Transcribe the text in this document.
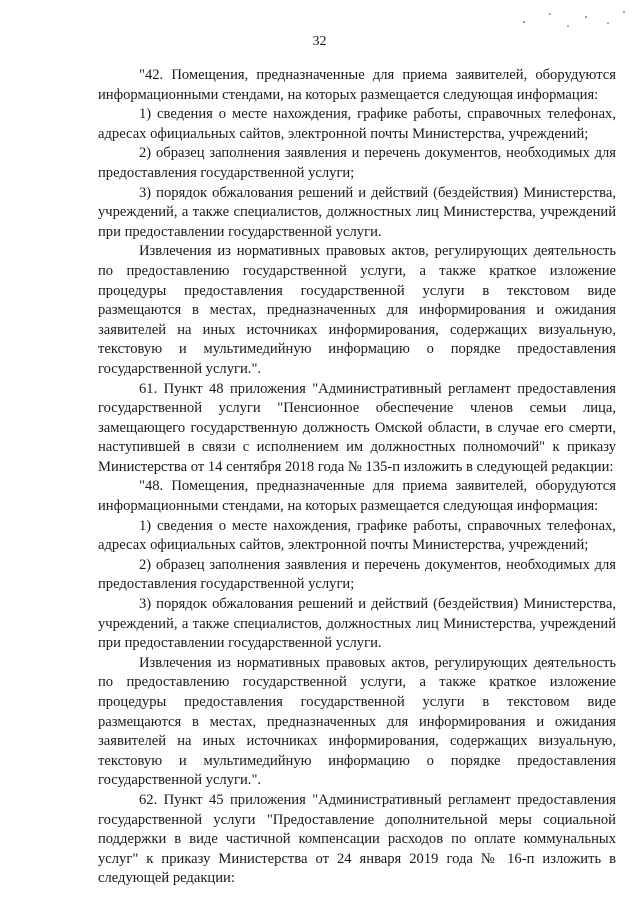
32

"42. Помещения, предназначенные для приема заявителей, оборудуются информационными стендами, на которых размещается следующая информация:

1) сведения о месте нахождения, графике работы, справочных телефонах, адресах официальных сайтов, электронной почты Министерства, учреждений;

2) образец заполнения заявления и перечень документов, необходимых для предоставления государственной услуги;

3) порядок обжалования решений и действий (бездействия) Министерства, учреждений, а также специалистов, должностных лиц Министерства, учреждений при предоставлении государственной услуги.

Извлечения из нормативных правовых актов, регулирующих деятельность по предоставлению государственной услуги, а также краткое изложение процедуры предоставления государственной услуги в текстовом виде размещаются в местах, предназначенных для информирования и ожидания заявителей на иных источниках информирования, содержащих визуальную, текстовую и мультимедийную информацию о порядке предоставления государственной услуги.".

61. Пункт 48 приложения "Административный регламент предоставления государственной услуги "Пенсионное обеспечение членов семьи лица, замещающего государственную должность Омской области, в случае его смерти, наступившей в связи с исполнением им должностных полномочий" к приказу Министерства от 14 сентября 2018 года № 135-п изложить в следующей редакции:

"48. Помещения, предназначенные для приема заявителей, оборудуются информационными стендами, на которых размещается следующая информация:

1) сведения о месте нахождения, графике работы, справочных телефонах, адресах официальных сайтов, электронной почты Министерства, учреждений;

2) образец заполнения заявления и перечень документов, необходимых для предоставления государственной услуги;

3) порядок обжалования решений и действий (бездействия) Министерства, учреждений, а также специалистов, должностных лиц Министерства, учреждений при предоставлении государственной услуги.

Извлечения из нормативных правовых актов, регулирующих деятельность по предоставлению государственной услуги, а также краткое изложение процедуры предоставления государственной услуги в текстовом виде размещаются в местах, предназначенных для информирования и ожидания заявителей на иных источниках информирования, содержащих визуальную, текстовую и мультимедийную информацию о порядке предоставления государственной услуги.".

62. Пункт 45 приложения "Административный регламент предоставления государственной услуги "Предоставление дополнительной меры социальной поддержки в виде частичной компенсации расходов по оплате коммунальных услуг" к приказу Министерства от 24 января 2019 года № 16-п изложить в следующей редакции:
